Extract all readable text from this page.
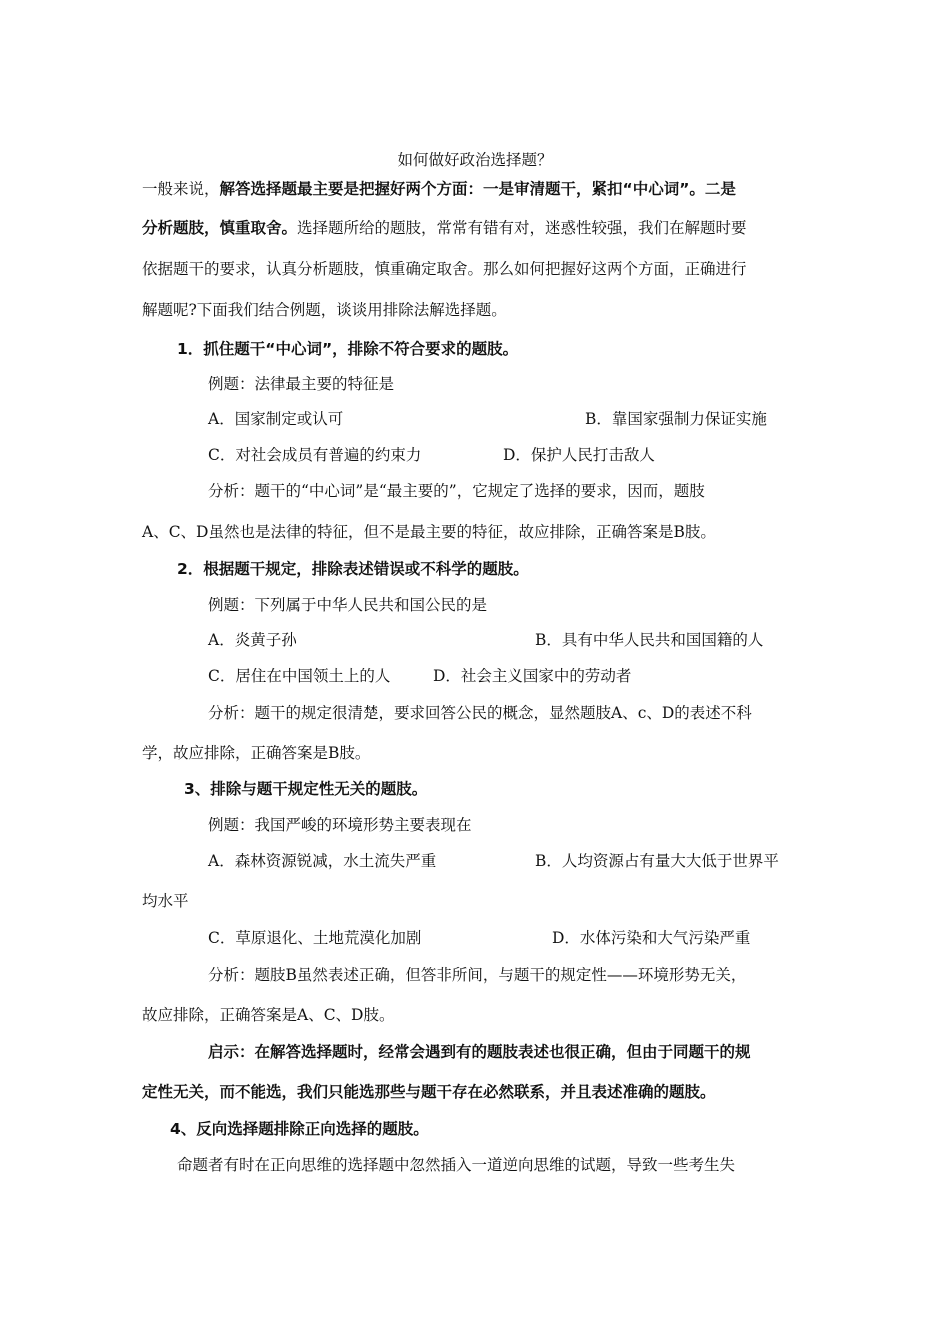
如何做好政治选择题？
一般来说，解答选择题最主要是把握好两个方面：一是审清题干，紧扣“中心词”。二是
分析题肢，慎重取舍。选择题所给的题肢，常常有错有对，迷惑性较强，我们在解题时要
依据题干的要求，认真分析题肢，慎重确定取舍。那么如何把握好这两个方面，正确进行
解题呢?下面我们结合例题，谈谈用排除法解选择题。
1．抓住题干“中心词”，排除不符合要求的题肢。
例题：法律最主要的特征是
A．国家制定或认可	B．靠国家强制力保证实施
C．对社会成员有普遍的约束力	D．保护人民打击敌人
分析：题干的“中心词”是“最主要的”，它规定了选择的要求，因而，题肢
A、C、D虽然也是法律的特征，但不是最主要的特征，故应排除，正确答案是B肢。
2．根据题干规定，排除表述错误或不科学的题肢。
例题：下列属于中华人民共和国公民的是
A．炎黄子孙	B．具有中华人民共和国国籍的人
C．居住在中国领土上的人	D．社会主义国家中的劳动者
分析：题干的规定很清楚，要求回答公民的概念，显然题肢A、c、D的表述不科
学，故应排除，正确答案是B肢。
3、排除与题干规定性无关的题肢。
例题：我国严峻的环境形势主要表现在
A．森林资源锐减，水土流失严重	B．人均资源占有量大大低于世界平
均水平
C．草原退化、土地荒漠化加剧	D．水体污染和大气污染严重
分析：题肢B虽然表述正确，但答非所间，与题干的规定性——环境形势无关，
故应排除，正确答案是A、C、D肢。
启示：在解答选择题时，经常会遇到有的题肢表述也很正确，但由于同题干的规
定性无关，而不能选，我们只能选那些与题干存在必然联系，并且表述准确的题肢。
4、反向选择题排除正向选择的题肢。
命题者有时在正向思维的选择题中忽然插入一道逆向思维的试题，导致一些考生失
